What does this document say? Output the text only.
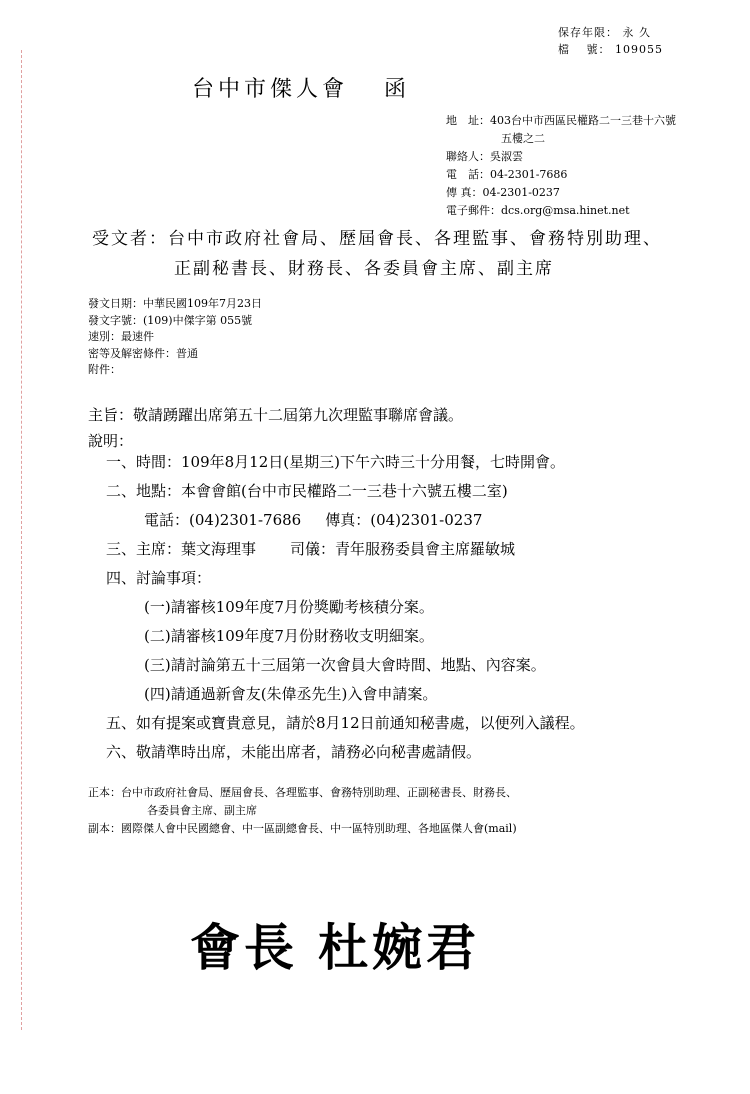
保存年限： 永 久
檔　 號： 109055
台中市傑人會 函
地　址：403台中市西區民權路二一三巷十六號
五樓之二
聯絡人：吳淑雲
電　話：04-2301-7686
傳 真：04-2301-0237
電子郵件：dcs.org@msa.hinet.net
受文者：台中市政府社會局、歷屆會長、各理監事、會務特別助理、
正副秘書長、財務長、各委員會主席、副主席
發文日期：中華民國109年7月23日
發文字號：(109)中傑字第 055號
速別：最速件
密等及解密條件：普通
附件：
主旨：敬請踴躍出席第五十二屆第九次理監事聯席會議。
說明：
一、時間：109年8月12日(星期三)下午六時三十分用餐，七時開會。
二、地點：本會會館(台中市民權路二一三巷十六號五樓二室)
電話：(04)2301-7686 傳真：(04)2301-0237
三、主席：葉文海理事 司儀：青年服務委員會主席羅敏城
四、討論事項：
(一)請審核109年度7月份獎勵考核積分案。
(二)請審核109年度7月份財務收支明細案。
(三)請討論第五十三屆第一次會員大會時間、地點、內容案。
(四)請通過新會友(朱偉丞先生)入會申請案。
五、如有提案或寶貴意見，請於8月12日前通知秘書處，以便列入議程。
六、敬請準時出席，未能出席者，請務必向秘書處請假。
正本：台中市政府社會局、歷屆會長、各理監事、會務特別助理、正副秘書長、財務長、
各委員會主席、副主席
副本：國際傑人會中民國總會、中一區副總會長、中一區特別助理、各地區傑人會(mail)
會長 杜婉君
